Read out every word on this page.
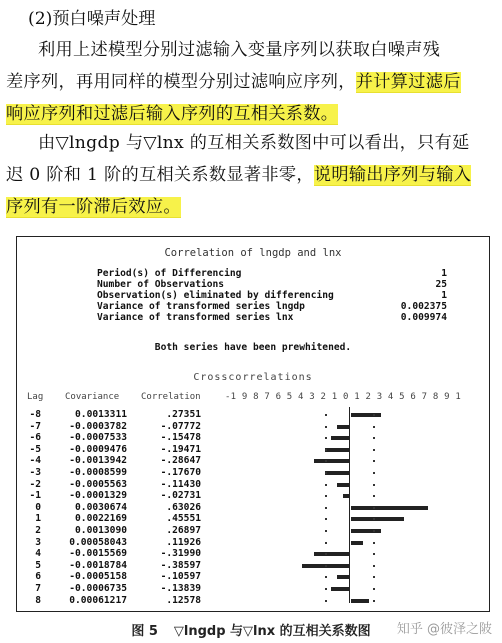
(2)预白噪声处理
利用上述模型分别过滤输入变量序列以获取白噪声残
差序列，再用同样的模型分别过滤响应序列，并计算过滤后
响应序列和过滤后输入序列的互相关系数。
由▽lngdp 与▽lnx 的互相关系数图中可以看出，只有延
迟 0 阶和 1 阶的互相关系数显著非零，说明输出序列与输入
序列有一阶滞后效应。
Correlation of lngdp and lnx
Period(s) of Differencing	1
Number of Observations	25
Observation(s) eliminated by differencing	1
Variance of transformed series lngdp	0.002375
Variance of transformed series lnx	0.009974
Both series have been prewhitened.
Crosscorrelations
Lag Covariance Correlation	-1 9 8 7 6 5 4 3 2 1 0 1 2 3 4 5 6 7 8 9 1
-8	0.0013311	.27351
-7	-0.0003782	-.07772
-6	-0.0007533	-.15478
-5	-0.0009476	-.19471
-4	-0.0013942	-.28647
-3	-0.0008599	-.17670
-2	-0.0005563	-.11430
-1	-0.0001329	-.02731
0	0.0030674	.63026
1	0.0022169	.45551
2	0.0013090	.26897
3	0.00058043	.11926
4	-0.0015569	-.31990
5	-0.0018784	-.38597
6	-0.0005158	-.10597
7	-0.0006735	-.13839
8	0.00061217	.12578
图 5 ▽lngdp 与▽lnx 的互相关系数图	知乎 @彼泽之陂
